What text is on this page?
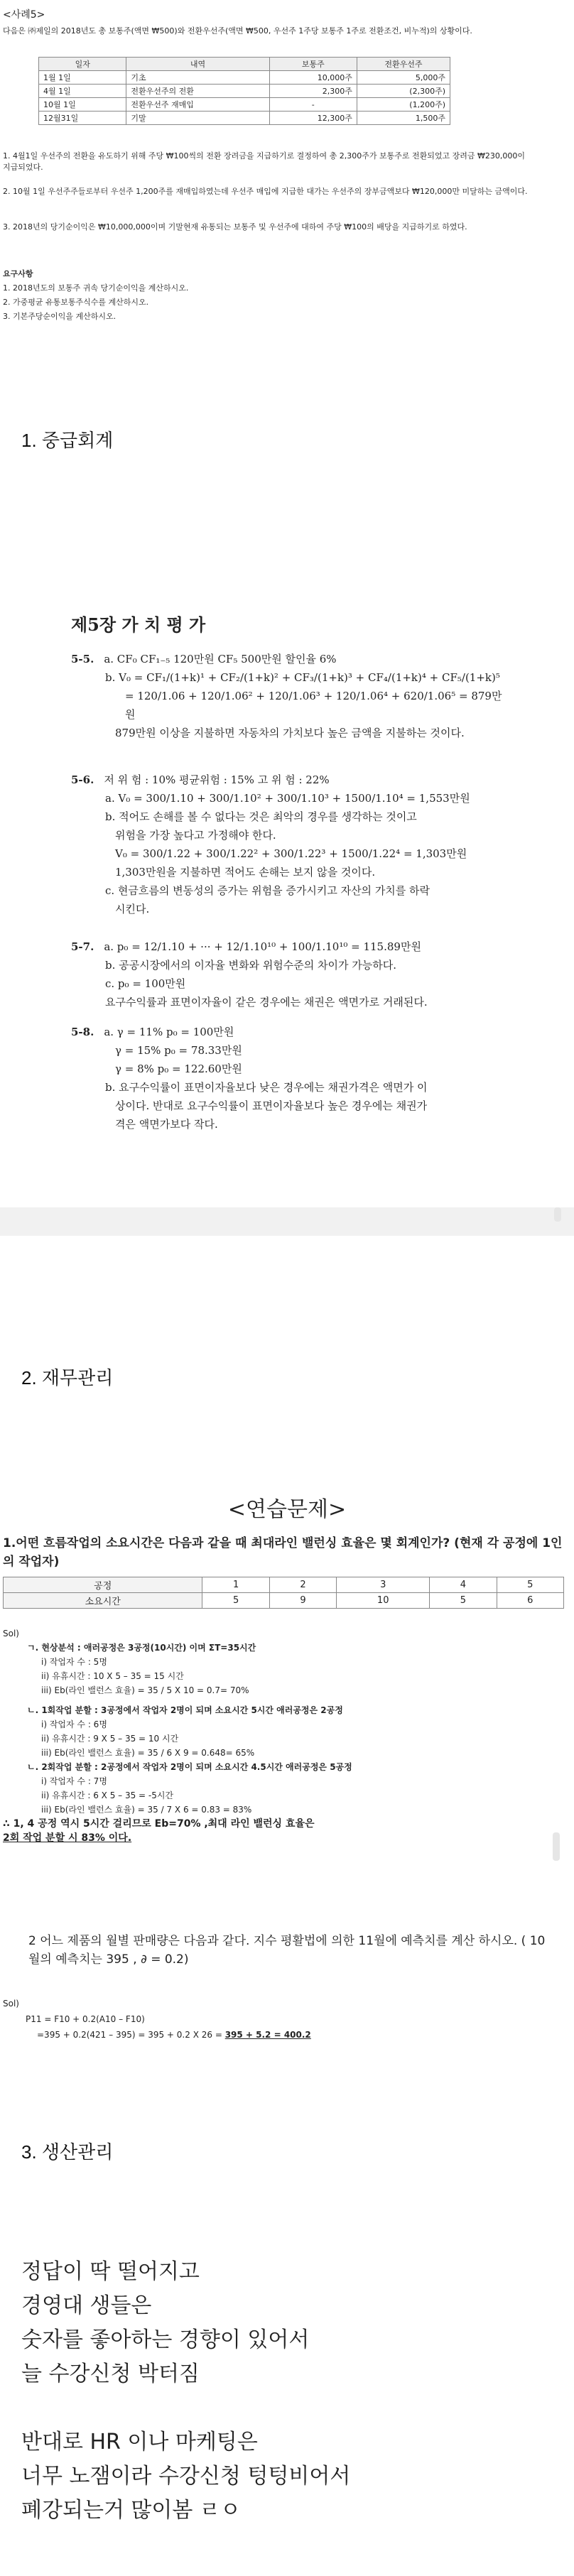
<사례5>
다음은 ㈜제일의 2018년도 총 보통주(액면 ₩500)와 전환우선주(액면 ₩500, 우선주 1주당 보통주 1주로 전환조건, 비누적)의 상황이다.
일자	내역	보통주	전환우선주
1월 1일	기초	10,000주	5,000주
4월 1일	전환우선주의 전환	2,300주	(2,300주)
10월 1일	전환우선주 재매입	-	(1,200주)
12월31일	기말	12,300주	1,500주
1. 4월1일 우선주의 전환을 유도하기 위해 주당 ₩100씩의 전환 장려금을 지급하기로 결정하여 총 2,300주가 보통주로 전환되었고 장려금 ₩230,000이 지급되었다.
2. 10월 1일 우선주주들로부터 우선주 1,200주를 재매입하였는데 우선주 매입에 지급한 대가는 우선주의 장부금액보다 ₩120,000만 미달하는 금액이다.
3. 2018년의 당기순이익은 ₩10,000,000이며 기말현재 유통되는 보통주 및 우선주에 대하여 주당 ₩100의 배당을 지급하기로 하였다.
요구사항
1. 2018년도의 보통주 귀속 당기순이익을 계산하시오.
2. 가중평균 유통보통주식수를 계산하시오.
3. 기본주당순이익을 계산하시오.
1. 중급회계
제5장 가 치 평 가
5-5. a. CF₀ CF₁₋₅ 120만원 CF₅ 500만원 할인율 6%
b. V₀ = CF₁/(1+k)¹ + CF₂/(1+k)² + CF₃/(1+k)³ + CF₄/(1+k)⁴ + CF₅/(1+k)⁵
= 120/1.06 + 120/1.06² + 120/1.06³ + 120/1.06⁴ + 620/1.06⁵ = 879만원
879만원 이상을 지불하면 자동차의 가치보다 높은 금액을 지불하는 것이다.
5-6. 저 위 험 : 10% 평균위험 : 15% 고 위 험 : 22%
a. V₀ = 300/1.10 + 300/1.10² + 300/1.10³ + 1500/1.10⁴ = 1,553만원
b. 적어도 손해를 볼 수 없다는 것은 최악의 경우를 생각하는 것이고
위험을 가장 높다고 가정해야 한다.
V₀ = 300/1.22 + 300/1.22² + 300/1.22³ + 1500/1.22⁴ = 1,303만원
1,303만원을 지불하면 적어도 손해는 보지 않을 것이다.
c. 현금흐름의 변동성의 증가는 위험을 증가시키고 자산의 가치를 하락
시킨다.
5-7. a. p₀ = 12/1.10 + ··· + 12/1.10¹⁰ + 100/1.10¹⁰ = 115.89만원
b. 공공시장에서의 이자율 변화와 위험수준의 차이가 가능하다.
c. p₀ = 100만원
요구수익률과 표면이자율이 같은 경우에는 채권은 액면가로 거래된다.
5-8. a. γ = 11% p₀ = 100만원
γ = 15% p₀ = 78.33만원
γ = 8% p₀ = 122.60만원
b. 요구수익률이 표면이자율보다 낮은 경우에는 채권가격은 액면가 이
상이다. 반대로 요구수익률이 표면이자율보다 높은 경우에는 채권가
격은 액면가보다 작다.
2. 재무관리
<연습문제>
1.어떤 흐름작업의 소요시간은 다음과 같을 때 최대라인 밸런싱 효율은 몇 회계인가? (현재 각 공정에 1인의 작업자)
공정	1	2	3	4	5
소요시간	5	9	10	5	6
Sol)
ㄱ. 현상분석 : 애러공정은 3공정(10시간) 이며 ΣT=35시간
i) 작업자 수 : 5명
ii) 유휴시간 : 10 X 5 – 35 = 15 시간
iii) Eb(라인 밸런스 효율) = 35 / 5 X 10 = 0.7= 70%
ㄴ. 1회작업 분할 : 3공정에서 작업자 2명이 되며 소요시간 5시간 애러공정은 2공정
i) 작업자 수 : 6명
ii) 유휴시간 : 9 X 5 – 35 = 10 시간
iii) Eb(라인 밸런스 효율) = 35 / 6 X 9 = 0.648= 65%
ㄴ. 2회작업 분할 : 2공정에서 작업자 2명이 되며 소요시간 4.5시간 애러공정은 5공정
i) 작업자 수 : 7명
ii) 유휴시간 : 6 X 5 – 35 = -5시간
iii) Eb(라인 밸런스 효율) = 35 / 7 X 6 = 0.83 = 83%
∴ 1, 4 공정 역시 5시간 걸리므로 Eb=70% ,최대 라인 밸런싱 효율은
2회 작업 분할 시 83% 이다.
2 어느 제품의 월별 판매량은 다음과 같다. 지수 평활법에 의한 11월에 예측치를 계산 하시오. ( 10월의 예측치는 395 , ∂ = 0.2)
Sol)
P11 = F10 + 0.2(A10 – F10)
=395 + 0.2(421 – 395) = 395 + 0.2 X 26 = 395 + 5.2 = 400.2
3. 생산관리
정답이 딱 떨어지고
경영대 생들은
숫자를 좋아하는 경향이 있어서
늘 수강신청 박터짐
반대로 HR 이나 마케팅은
너무 노잼이라 수강신청 텅텅비어서
폐강되는거 많이봄 ㄹㅇ
